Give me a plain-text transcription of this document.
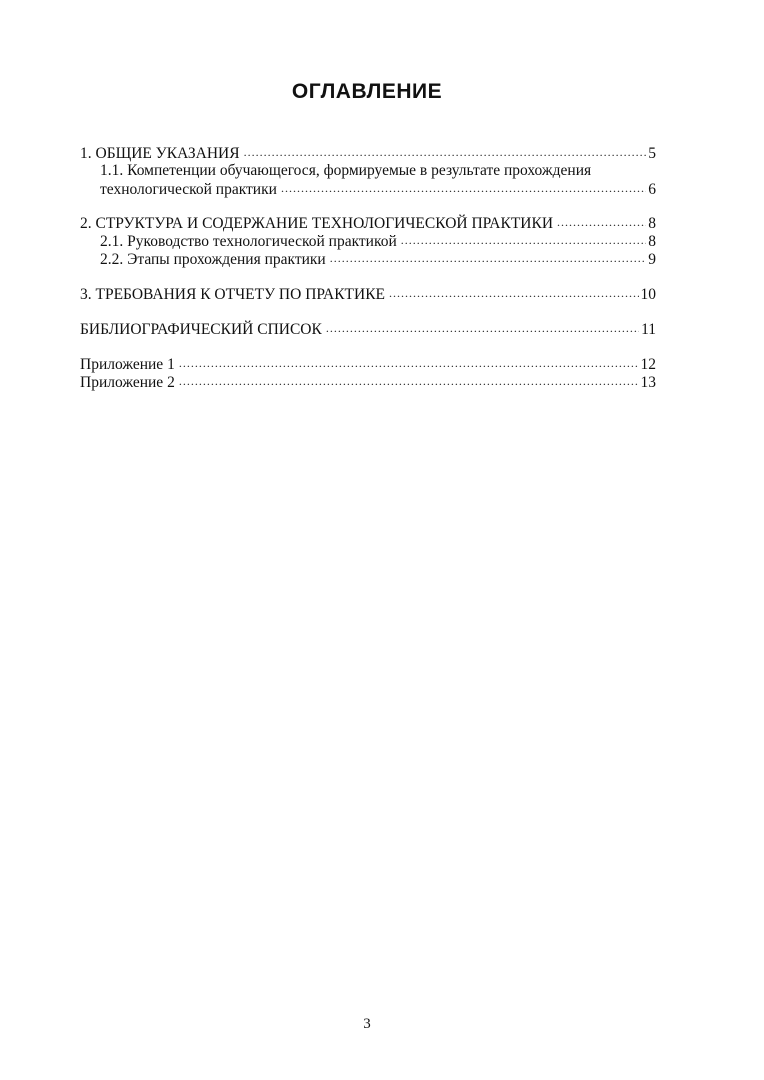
ОГЛАВЛЕНИЕ
1. ОБЩИЕ УКАЗАНИЯ .....	5
1.1. Компетенции обучающегося, формируемые в результате прохождения
технологической практики .....	6
2. СТРУКТУРА И СОДЕРЖАНИЕ ТЕХНОЛОГИЧЕСКОЙ ПРАКТИКИ .....	8
2.1. Руководство технологической практикой .....	8
2.2. Этапы прохождения практики .....	9
3. ТРЕБОВАНИЯ К ОТЧЕТУ ПО ПРАКТИКЕ .....	10
БИБЛИОГРАФИЧЕСКИЙ СПИСОК .....	11
Приложение 1 .....	12
Приложение 2 .....	13
3
